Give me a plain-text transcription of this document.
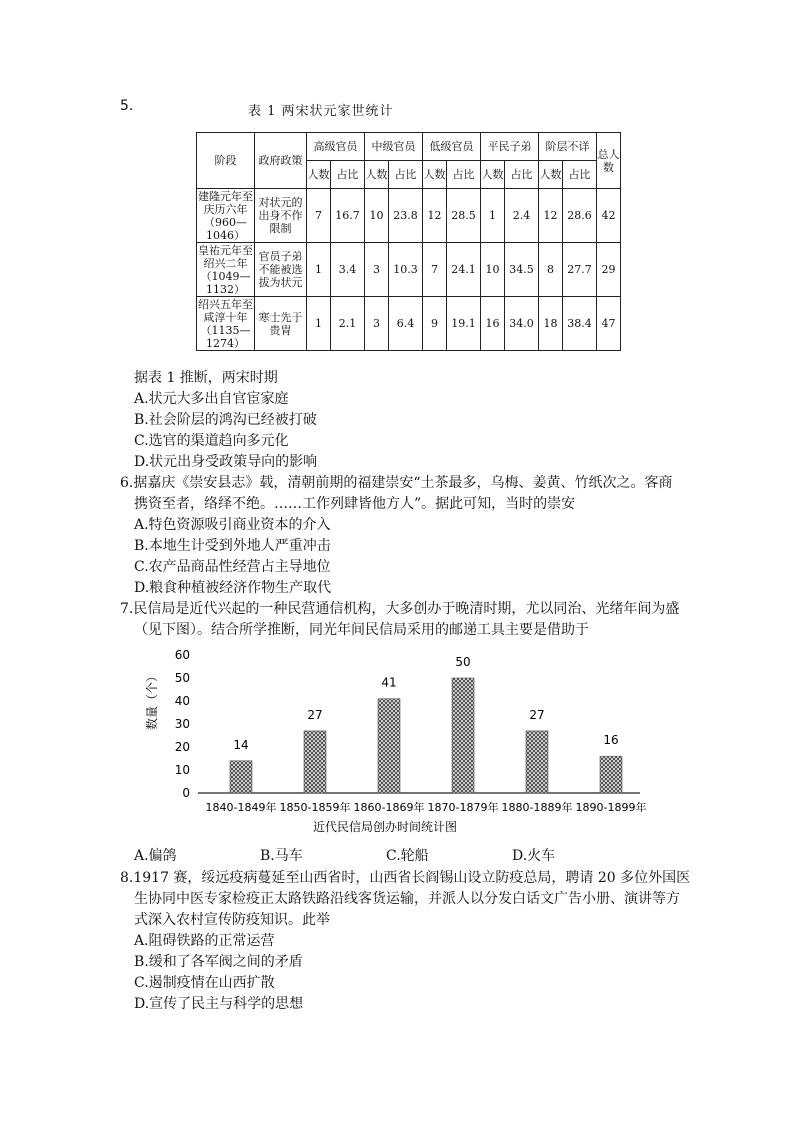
5.	表 1 两宋状元家世统计
阶段	政府政策	高级官员		中级官员		低级官员		平民子弟		阶层不详		总人数
		人数	占比	人数	占比	人数	占比	人数	占比	人数	占比	
建隆元年至庆历六年（960—1046）	对状元的出身不作限制	7	16.7	10	23.8	12	28.5	1	2.4	12	28.6	42
皇祐元年至绍兴二年（1049—1132）	官员子弟不能被选拔为状元	1	3.4	3	10.3	7	24.1	10	34.5	8	27.7	29
绍兴五年至咸淳十年（1135—1274）	寒士先于贵胄	1	2.1	3	6.4	9	19.1	16	34.0	18	38.4	47
据表 1 推断，两宋时期
A.状元大多出自官宦家庭
B.社会阶层的鸿沟已经被打破
C.选官的渠道趋向多元化
D.状元出身受政策导向的影响
6.据嘉庆《崇安县志》载，清朝前期的福建崇安“土茶最多，乌梅、姜黄、竹纸次之。客商
携资至者，络绎不绝。……工作列肆皆他方人”。据此可知，当时的崇安
A.特色资源吸引商业资本的介入
B.本地生计受到外地人严重冲击
C.农产品商品性经营占主导地位
D.粮食种植被经济作物生产取代
7.民信局是近代兴起的一种民营通信机构，大多创办于晚清时期，尤以同治、光绪年间为盛
（见下图）。结合所学推断，同光年间民信局采用的邮递工具主要是借助于
0
10
20
30
40
50
60
数量（个）
14
27
41
50
27
16
1840-1849年 1850-1859年 1860-1869年 1870-1879年 1880-1889年 1890-1899年
近代民信局创办时间统计图
A.偏鸽	B.马车	C.轮船	D.火车
8.1917 赛，绥远疫病蔓延至山西省时，山西省长阎锡山设立防疫总局，聘请 20 多位外国医
生协同中医专家检疫正太路铁路沿线客货运输，并派人以分发白话文广告小册、演讲等方
式深入农村宣传防疫知识。此举
A.阻碍铁路的正常运营
B.缓和了各军阀之间的矛盾
C.遏制疫情在山西扩散
D.宣传了民主与科学的思想
